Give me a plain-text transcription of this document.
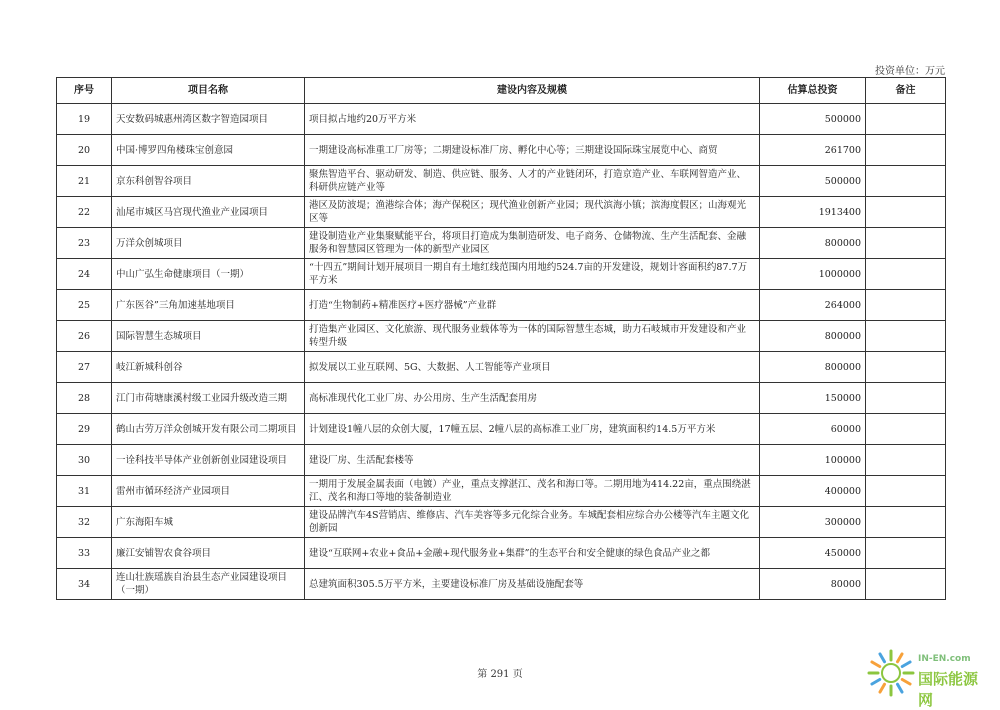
投资单位：万元
序号	项目名称	建设内容及规模	估算总投资	备注
19	天安数码城惠州湾区数字智造园项目	项目拟占地约20万平方米	500000	
20	中国·博罗四角楼珠宝创意园	一期建设高标准重工厂房等；二期建设标准厂房、孵化中心等；三期建设国际珠宝展览中心、商贸	261700	
21	京东科创智谷项目	聚焦智造平台、驱动研发、制造、供应链、服务、人才的产业链闭环，打造京造产业、车联网智造产业、科研供应链产业等	500000	
22	汕尾市城区马宫现代渔业产业园项目	港区及防波堤；渔港综合体；海产保税区；现代渔业创新产业园；现代滨海小镇；滨海度假区；山海观光区等	1913400	
23	万洋众创城项目	建设制造业产业集聚赋能平台，将项目打造成为集制造研发、电子商务、仓储物流、生产生活配套、金融服务和智慧园区管理为一体的新型产业园区	800000	
24	中山广弘生命健康项目（一期）	“十四五”期间计划开展项目一期自有土地红线范围内用地约524.7亩的开发建设，规划计容面积约87.7万平方米	1000000	
25	广东医谷”三角加速基地项目	打造“生物制药+精准医疗+医疗器械”产业群	264000	
26	国际智慧生态城项目	打造集产业园区、文化旅游、现代服务业载体等为一体的国际智慧生态城，助力石岐城市开发建设和产业转型升级	800000	
27	岐江新城科创谷	拟发展以工业互联网、5G、大数据、人工智能等产业项目	800000	
28	江门市荷塘康溪村级工业园升级改造三期	高标准现代化工业厂房、办公用房、生产生活配套用房	150000	
29	鹤山古劳万洋众创城开发有限公司二期项目	计划建设1幢八层的众创大厦，17幢五层、2幢八层的高标准工业厂房，建筑面积约14.5万平方米	60000	
30	一诠科技半导体产业创新创业园建设项目	建设厂房、生活配套楼等	100000	
31	雷州市循环经济产业园项目	一期用于发展金属表面（电镀）产业，重点支撑湛江、茂名和海口等。二期用地为414.22亩，重点围绕湛江、茂名和海口等地的装备制造业	400000	
32	广东海阳车城	建设品牌汽车4S营销店、维修店、汽车美容等多元化综合业务。车城配套相应综合办公楼等汽车主题文化创新园	300000	
33	廉江安铺智农食谷项目	建设“互联网+农业+食品+金融+现代服务业+集群”的生态平台和安全健康的绿色食品产业之都	450000	
34	连山壮族瑶族自治县生态产业园建设项目（一期）	总建筑面积305.5万平方米，主要建设标准厂房及基础设施配套等	80000	
第 291 页
IN-EN.com
国际能源网
